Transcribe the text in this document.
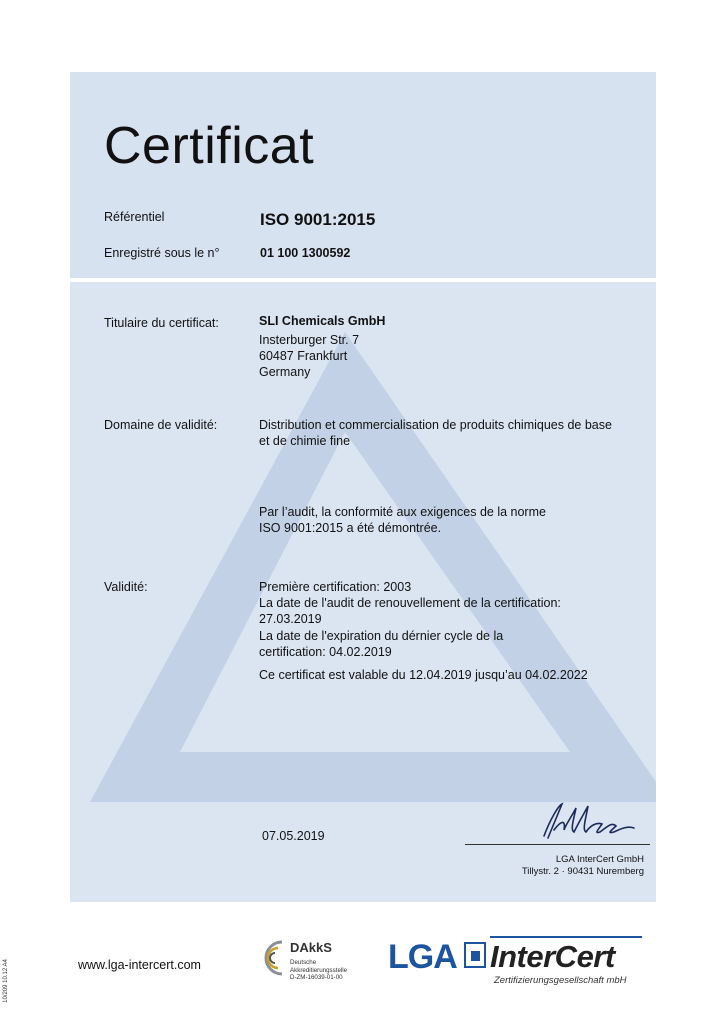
Certificat
Référentiel	ISO 9001:2015
Enregistré sous le n°	01 100 1300592
Titulaire du certificat:	SLI Chemicals GmbH
Insterburger Str. 7
60487 Frankfurt
Germany
Domaine de validité:	Distribution et commercialisation de produits chimiques de base
et de chimie fine
Par l’audit, la conformité aux exigences de la norme
ISO 9001:2015 a été démontrée.
Validité:	Première certification: 2003
La date de l'audit de renouvellement de la certification:
27.03.2019
La date de l'expiration du dérnier cycle de la
certification: 04.02.2019
Ce certificat est valable du 12.04.2019 jusqu’au 04.02.2022
07.05.2019
LGA InterCert GmbH
Tillystr. 2 · 90431 Nuremberg
10/209 10.12 A4	www.lga-intercert.com
DAkkS
Deutsche
Akkreditierungsstelle
D-ZM-16039-01-00
LGA InterCert
Zertifizierungsgesellschaft mbH
